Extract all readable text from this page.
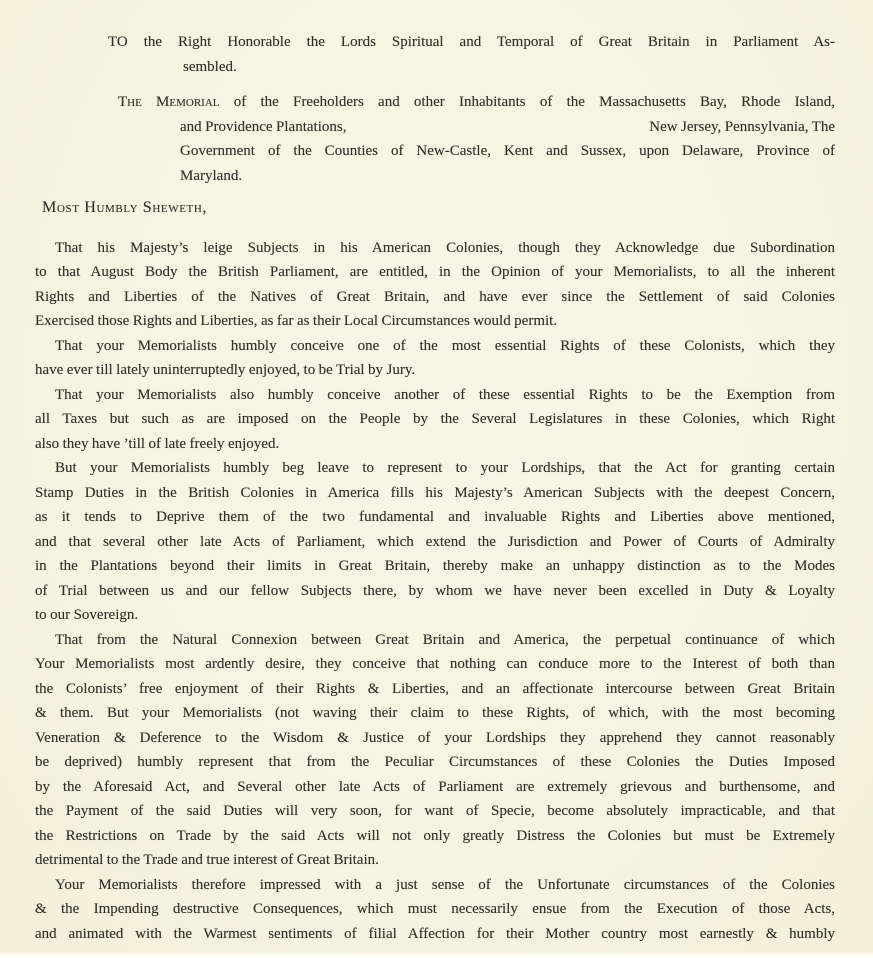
TO the Right Honorable the Lords Spiritual and Temporal of Great Britain in Parliament As-
sembled.
The Memorial of the Freeholders and other Inhabitants of the Massachusetts Bay, Rhode Island,
and Providence Plantations,	New Jersey, Pennsylvania, The
Government of the Counties of New-Castle, Kent and Sussex, upon Delaware, Province of
Maryland.
Most Humbly Sheweth,
That his Majesty’s leige Subjects in his American Colonies, though they Acknowledge due Subordination
to that August Body the British Parliament, are entitled, in the Opinion of your Memorialists, to all the inherent
Rights and Liberties of the Natives of Great Britain, and have ever since the Settlement of said Colonies
Exercised those Rights and Liberties, as far as their Local Circumstances would permit.
That your Memorialists humbly conceive one of the most essential Rights of these Colonists, which they
have ever till lately uninterruptedly enjoyed, to be Trial by Jury.
That your Memorialists also humbly conceive another of these essential Rights to be the Exemption from
all Taxes but such as are imposed on the People by the Several Legislatures in these Colonies, which Right
also they have ’till of late freely enjoyed.
But your Memorialists humbly beg leave to represent to your Lordships, that the Act for granting certain
Stamp Duties in the British Colonies in America fills his Majesty’s American Subjects with the deepest Concern,
as it tends to Deprive them of the two fundamental and invaluable Rights and Liberties above mentioned,
and that several other late Acts of Parliament, which extend the Jurisdiction and Power of Courts of Admiralty
in the Plantations beyond their limits in Great Britain, thereby make an unhappy distinction as to the Modes
of Trial between us and our fellow Subjects there, by whom we have never been excelled in Duty & Loyalty
to our Sovereign.
That from the Natural Connexion between Great Britain and America, the perpetual continuance of which
Your Memorialists most ardently desire, they conceive that nothing can conduce more to the Interest of both than
the Colonists’ free enjoyment of their Rights & Liberties, and an affectionate intercourse between Great Britain
& them. But your Memorialists (not waving their claim to these Rights, of which, with the most becoming
Veneration & Deference to the Wisdom & Justice of your Lordships they apprehend they cannot reasonably
be deprived) humbly represent that from the Peculiar Circumstances of these Colonies the Duties Imposed
by the Aforesaid Act, and Several other late Acts of Parliament are extremely grievous and burthensome, and
the Payment of the said Duties will very soon, for want of Specie, become absolutely impracticable, and that
the Restrictions on Trade by the said Acts will not only greatly Distress the Colonies but must be Extremely
detrimental to the Trade and true interest of Great Britain.
Your Memorialists therefore impressed with a just sense of the Unfortunate circumstances of the Colonies
& the Impending destructive Consequences, which must necessarily ensue from the Execution of those Acts,
and animated with the Warmest sentiments of filial Affection for their Mother country most earnestly & humbly
